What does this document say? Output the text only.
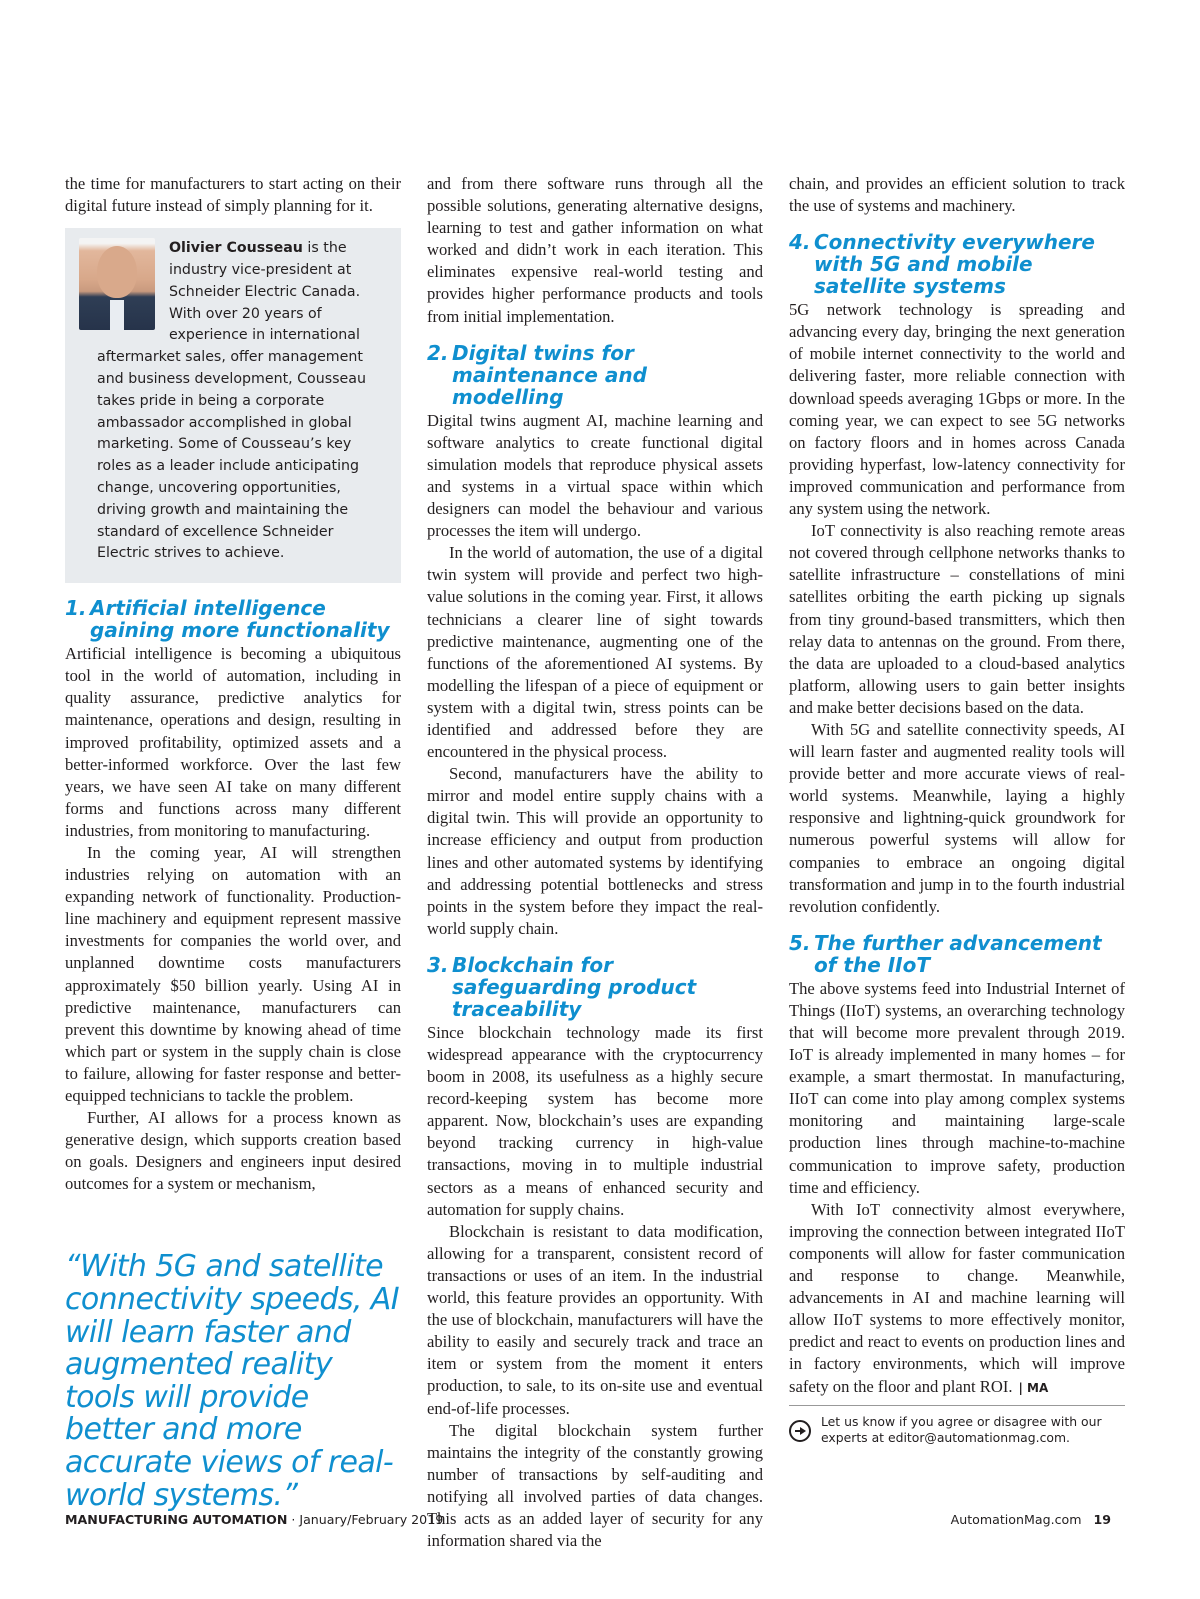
the time for manufacturers to start acting on their digital future instead of simply planning for it.

Olivier Cousseau is the industry vice-president at Schneider Electric Canada. With over 20 years of experience in international aftermarket sales, offer management and business development, Cousseau takes pride in being a corporate ambassador accomplished in global marketing. Some of Cousseau’s key roles as a leader include anticipating change, uncovering opportunities, driving growth and maintaining the standard of excellence Schneider Electric strives to achieve.

1. Artificial intelligence gaining more functionality

Artificial intelligence is becoming a ubiquitous tool in the world of automation, including in quality assurance, predictive analytics for maintenance, operations and design, resulting in improved profitability, optimized assets and a better-informed workforce. Over the last few years, we have seen AI take on many different forms and functions across many different industries, from monitoring to manufacturing.

In the coming year, AI will strengthen industries relying on automation with an expanding network of functionality. Production-line machinery and equipment represent massive investments for companies the world over, and unplanned downtime costs manufacturers approximately $50 billion yearly. Using AI in predictive maintenance, manufacturers can prevent this downtime by knowing ahead of time which part or system in the supply chain is close to failure, allowing for faster response and better-equipped technicians to tackle the problem.

Further, AI allows for a process known as generative design, which supports creation based on goals. Designers and engineers input desired outcomes for a system or mechanism,

“With 5G and satellite connectivity speeds, AI will learn faster and augmented reality tools will provide better and more accurate views of real-world systems.”

and from there software runs through all the possible solutions, generating alternative designs, learning to test and gather information on what worked and didn’t work in each iteration. This eliminates expensive real-world testing and provides higher performance products and tools from initial implementation.

2. Digital twins for maintenance and modelling

Digital twins augment AI, machine learning and software analytics to create functional digital simulation models that reproduce physical assets and systems in a virtual space within which designers can model the behaviour and various processes the item will undergo.

In the world of automation, the use of a digital twin system will provide and perfect two high-value solutions in the coming year. First, it allows technicians a clearer line of sight towards predictive maintenance, augmenting one of the functions of the aforementioned AI systems. By modelling the lifespan of a piece of equipment or system with a digital twin, stress points can be identified and addressed before they are encountered in the physical process.

Second, manufacturers have the ability to mirror and model entire supply chains with a digital twin. This will provide an opportunity to increase efficiency and output from production lines and other automated systems by identifying and addressing potential bottlenecks and stress points in the system before they impact the real-world supply chain.

3. Blockchain for safeguarding product traceability

Since blockchain technology made its first widespread appearance with the cryptocurrency boom in 2008, its usefulness as a highly secure record-keeping system has become more apparent. Now, blockchain’s uses are expanding beyond tracking currency in high-value transactions, moving in to multiple industrial sectors as a means of enhanced security and automation for supply chains.

Blockchain is resistant to data modification, allowing for a transparent, consistent record of transactions or uses of an item. In the industrial world, this feature provides an opportunity. With the use of blockchain, manufacturers will have the ability to easily and securely track and trace an item or system from the moment it enters production, to sale, to its on-site use and eventual end-of-life processes.

The digital blockchain system further maintains the integrity of the constantly growing number of transactions by self-auditing and notifying all involved parties of data changes. This acts as an added layer of security for any information shared via the

chain, and provides an efficient solution to track the use of systems and machinery.

4. Connectivity everywhere with 5G and mobile satellite systems

5G network technology is spreading and advancing every day, bringing the next generation of mobile internet connectivity to the world and delivering faster, more reliable connection with download speeds averaging 1Gbps or more. In the coming year, we can expect to see 5G networks on factory floors and in homes across Canada providing hyperfast, low-latency connectivity for improved communication and performance from any system using the network.

IoT connectivity is also reaching remote areas not covered through cellphone networks thanks to satellite infrastructure – constellations of mini satellites orbiting the earth picking up signals from tiny ground-based transmitters, which then relay data to antennas on the ground. From there, the data are uploaded to a cloud-based analytics platform, allowing users to gain better insights and make better decisions based on the data.

With 5G and satellite connectivity speeds, AI will learn faster and augmented reality tools will provide better and more accurate views of real-world systems. Meanwhile, laying a highly responsive and lightning-quick groundwork for numerous powerful systems will allow for companies to embrace an ongoing digital transformation and jump in to the fourth industrial revolution confidently.

5. The further advancement of the IIoT

The above systems feed into Industrial Internet of Things (IIoT) systems, an overarching technology that will become more prevalent through 2019. IoT is already implemented in many homes – for example, a smart thermostat. In manufacturing, IIoT can come into play among complex systems monitoring and maintaining large-scale production lines through machine-to-machine communication to improve safety, production time and efficiency.

With IoT connectivity almost everywhere, improving the connection between integrated IIoT components will allow for faster communication and response to change. Meanwhile, advancements in AI and machine learning will allow IIoT systems to more effectively monitor, predict and react to events on production lines and in factory environments, which will improve safety on the floor and plant ROI. | MA

Let us know if you agree or disagree with our experts at editor@automationmag.com.
MANUFACTURING AUTOMATION · January/February 2019	AutomationMag.com 19
